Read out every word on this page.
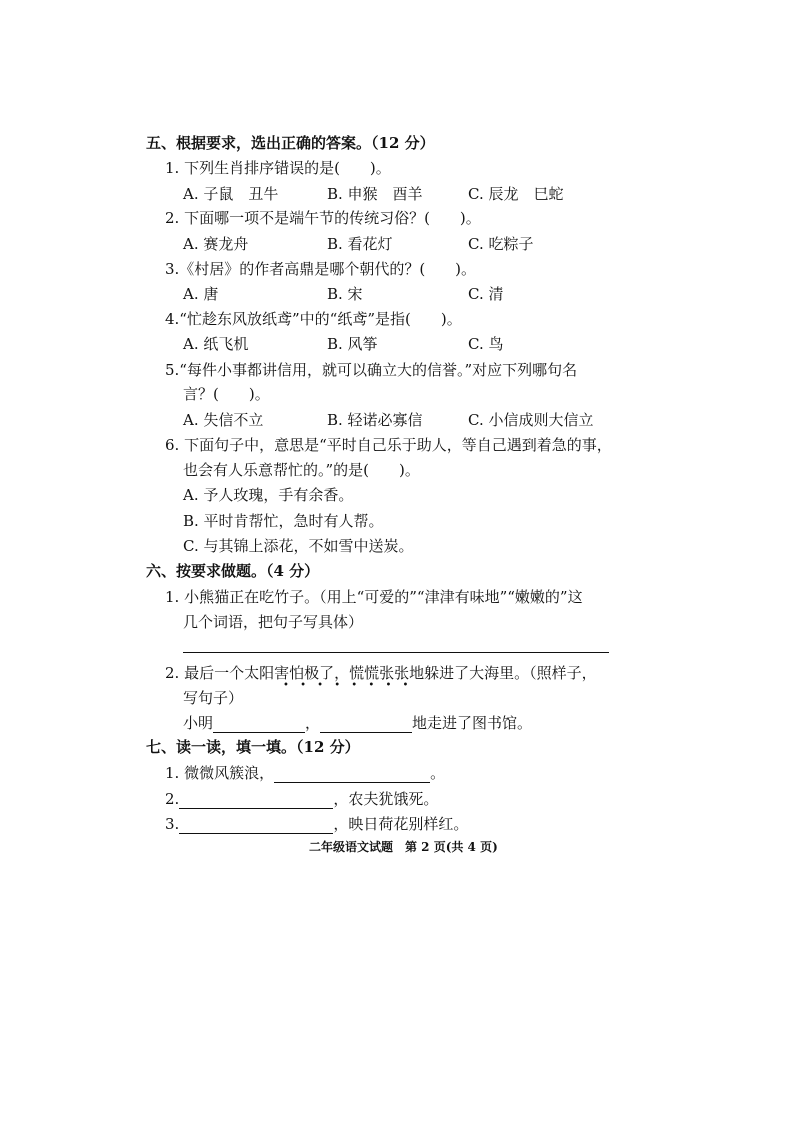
五、根据要求，选出正确的答案。（12 分）
1. 下列生肖排序错误的是(　　)。
A. 子鼠　丑牛	B. 申猴　酉羊	C. 辰龙　巳蛇
2. 下面哪一项不是端午节的传统习俗？(　　)。
A. 赛龙舟	B. 看花灯	C. 吃粽子
3.《村居》的作者高鼎是哪个朝代的？(　　)。
A. 唐	B. 宋	C. 清
4.“忙趁东风放纸鸢”中的“纸鸢”是指(　　)。
A. 纸飞机	B. 风筝	C. 鸟
5.“每件小事都讲信用，就可以确立大的信誉。”对应下列哪句名
言？(　　)。
A. 失信不立	B. 轻诺必寡信	C. 小信成则大信立
6. 下面句子中，意思是“平时自己乐于助人，等自己遇到着急的事，
也会有人乐意帮忙的。”的是(　　)。
A. 予人玫瑰，手有余香。
B. 平时肯帮忙，急时有人帮。
C. 与其锦上添花，不如雪中送炭。
六、按要求做题。（4 分）
1. 小熊猫正在吃竹子。（用上“可爱的”“津津有味地”“嫩嫩的”这
几个词语，把句子写具体）
2. 最后一个太阳害怕极了，慌慌张张地躲进了大海里。（照样子，
• • • • • • • •
写句子）
小明	，	地走进了图书馆。
七、读一读，填一填。（12 分）
1. 微微风簇浪，	。
2.	，农夫犹饿死。
3.	，映日荷花别样红。
二年级语文试题　第 2 页(共 4 页)
